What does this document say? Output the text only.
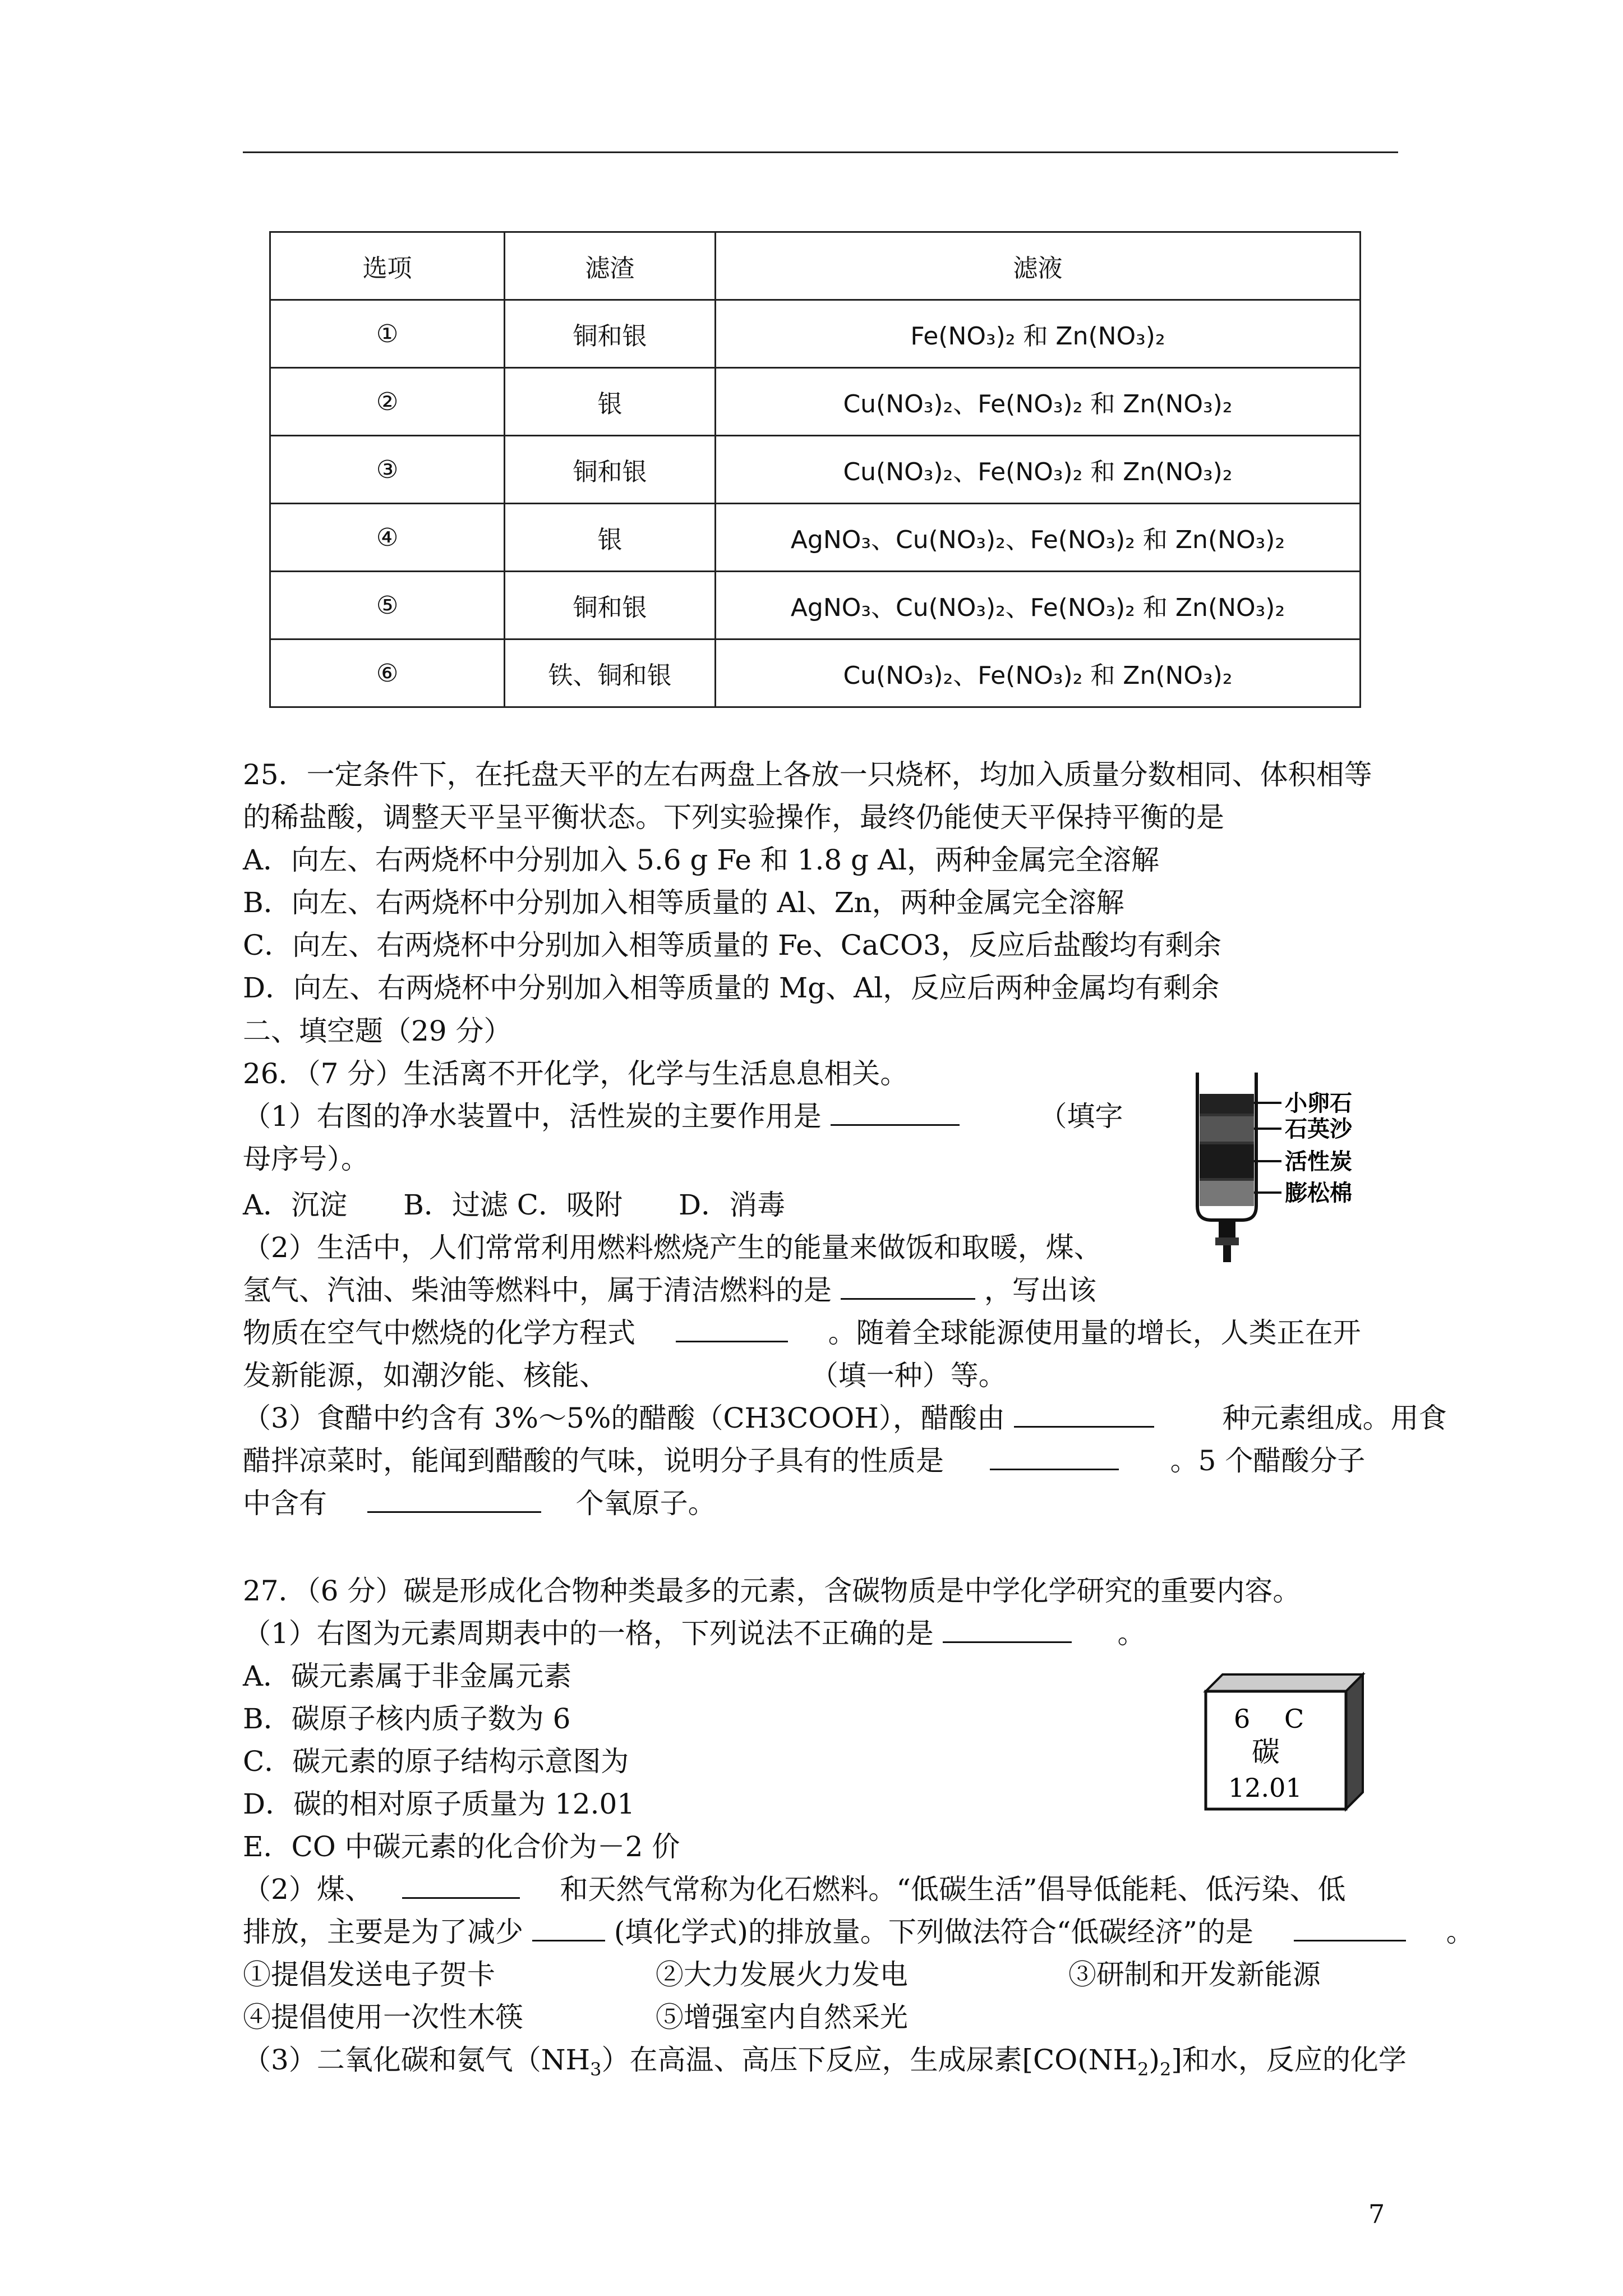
选项	滤渣	滤液
①	铜和银	Fe(NO₃)₂ 和 Zn(NO₃)₂
②	银	Cu(NO₃)₂、Fe(NO₃)₂ 和 Zn(NO₃)₂
③	铜和银	Cu(NO₃)₂、Fe(NO₃)₂ 和 Zn(NO₃)₂
④	银	AgNO₃、Cu(NO₃)₂、Fe(NO₃)₂ 和 Zn(NO₃)₂
⑤	铜和银	AgNO₃、Cu(NO₃)₂、Fe(NO₃)₂ 和 Zn(NO₃)₂
⑥	铁、铜和银	Cu(NO₃)₂、Fe(NO₃)₂ 和 Zn(NO₃)₂
25．一定条件下，在托盘天平的左右两盘上各放一只烧杯，均加入质量分数相同、体积相等
的稀盐酸，调整天平呈平衡状态。下列实验操作，最终仍能使天平保持平衡的是
A．向左、右两烧杯中分别加入 5.6 g Fe 和 1.8 g Al，两种金属完全溶解
B．向左、右两烧杯中分别加入相等质量的 Al、Zn，两种金属完全溶解
C．向左、右两烧杯中分别加入相等质量的 Fe、CaCO3，反应后盐酸均有剩余
D．向左、右两烧杯中分别加入相等质量的 Mg、Al，反应后两种金属均有剩余
二、填空题（29 分）
26．（7 分）生活离不开化学，化学与生活息息相关。
（1）右图的净水装置中，活性炭的主要作用是	（填字
母序号）。
A．沉淀　　B．过滤 C．吸附　　D．消毒
（2）生活中，人们常常利用燃料燃烧产生的能量来做饭和取暖，煤、
氢气、汽油、柴油等燃料中，属于清洁燃料的是	，写出该
物质在空气中燃烧的化学方程式	。随着全球能源使用量的增长，人类正在开
发新能源，如潮汐能、核能、	（填一种）等。
（3）食醋中约含有 3%～5%的醋酸（CH3COOH），醋酸由	种元素组成。用食
醋拌凉菜时，能闻到醋酸的气味，说明分子具有的性质是	。5 个醋酸分子
中含有	个氧原子。
小卵石
石英沙
活性炭
膨松棉
27．（6 分）碳是形成化合物种类最多的元素，含碳物质是中学化学研究的重要内容。
（1）右图为元素周期表中的一格，下列说法不正确的是	。
A．碳元素属于非金属元素
B．碳原子核内质子数为 6
C．碳元素的原子结构示意图为
D．碳的相对原子质量为 12.01
E．CO 中碳元素的化合价为－2 价
（2）煤、	和天然气常称为化石燃料。“低碳生活”倡导低能耗、低污染、低
排放，主要是为了减少	(填化学式)的排放量。下列做法符合“低碳经济”的是	。
①提倡发送电子贺卡	②大力发展火力发电	③研制和开发新能源
④提倡使用一次性木筷	⑤增强室内自然采光
（3）二氧化碳和氨气$(NH_3)$在高温、高压下反应，生成尿素$[CO(NH_2)_2]$和水，反应的化学
6 C
碳
12.01
7
